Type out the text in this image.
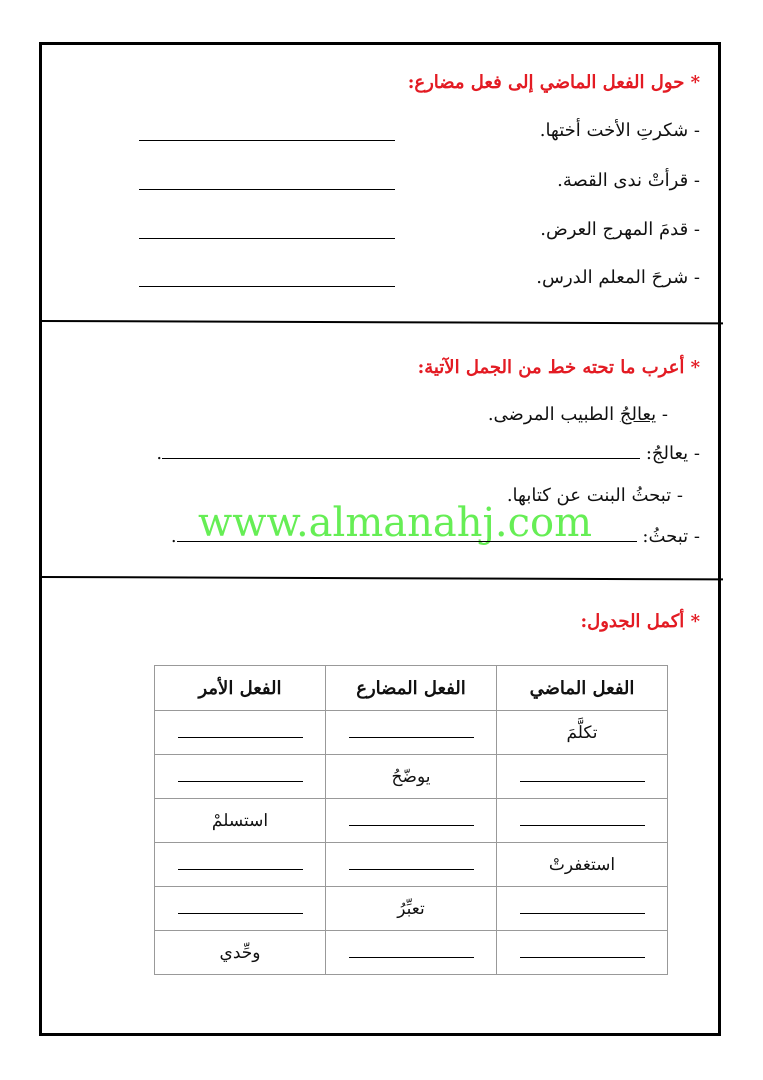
* حول الفعل الماضي إلى فعل مضارع:
- شكرتِ الأخت أختها.
- قرأتْ ندى القصة.
- قدمَ المهرج العرض.
- شرحَ المعلم الدرس.
* أعرب ما تحته خط من الجمل الآتية:
- يعالجُ الطبيب المرضى.
- يعالجُ: .
- تبحثُ البنت عن كتابها.
www.almanahj.com	- تبحثُ: .
* أكمل الجدول:
الفعل الماضي	الفعل المضارع	الفعل الأمر
تكلَّمَ		
	يوضّحُ	
		استسلمْ
استغفرتْ		
	تعبِّرُ	
		وحِّدي
